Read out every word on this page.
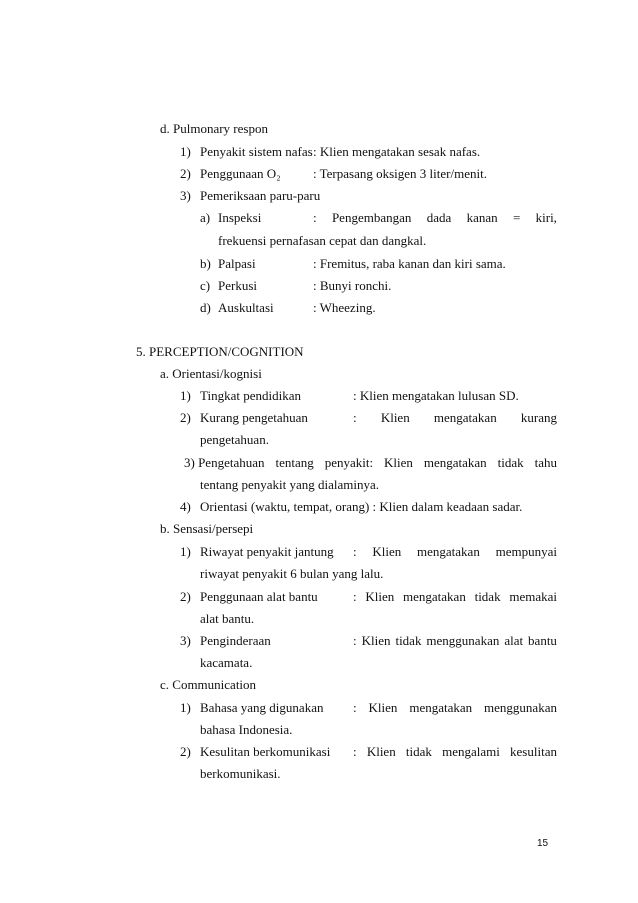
d. Pulmonary respon
1) Penyakit sistem nafas : Klien mengatakan sesak nafas.
2) Penggunaan O₂ : Terpasang oksigen 3 liter/menit.
3) Pemeriksaan paru-paru
a) Inspeksi	: Pengembangan dada kanan = kiri,
frekuensi pernafasan cepat dan dangkal.
b) Palpasi	: Fremitus, raba kanan dan kiri sama.
c) Perkusi	: Bunyi ronchi.
d) Auskultasi	: Wheezing.
5. PERCEPTION/COGNITION
a. Orientasi/kognisi
1) Tingkat pendidikan	: Klien mengatakan lulusan SD.
2) Kurang pengetahuan	: Klien mengatakan kurang
pengetahuan.
3) Pengetahuan tentang penyakit: Klien mengatakan tidak tahu
tentang penyakit yang dialaminya.
4) Orientasi (waktu, tempat, orang) : Klien dalam keadaan sadar.
b. Sensasi/persepi
1) Riwayat penyakit jantung : Klien mengatakan mempunyai
riwayat penyakit 6 bulan yang lalu.
2) Penggunaan alat bantu	: Klien mengatakan tidak memakai
alat bantu.
3) Penginderaan	: Klien tidak menggunakan alat bantu
kacamata.
c. Communication
1) Bahasa yang digunakan : Klien mengatakan menggunakan
bahasa Indonesia.
2) Kesulitan berkomunikasi : Klien tidak mengalami kesulitan
berkomunikasi.
15
